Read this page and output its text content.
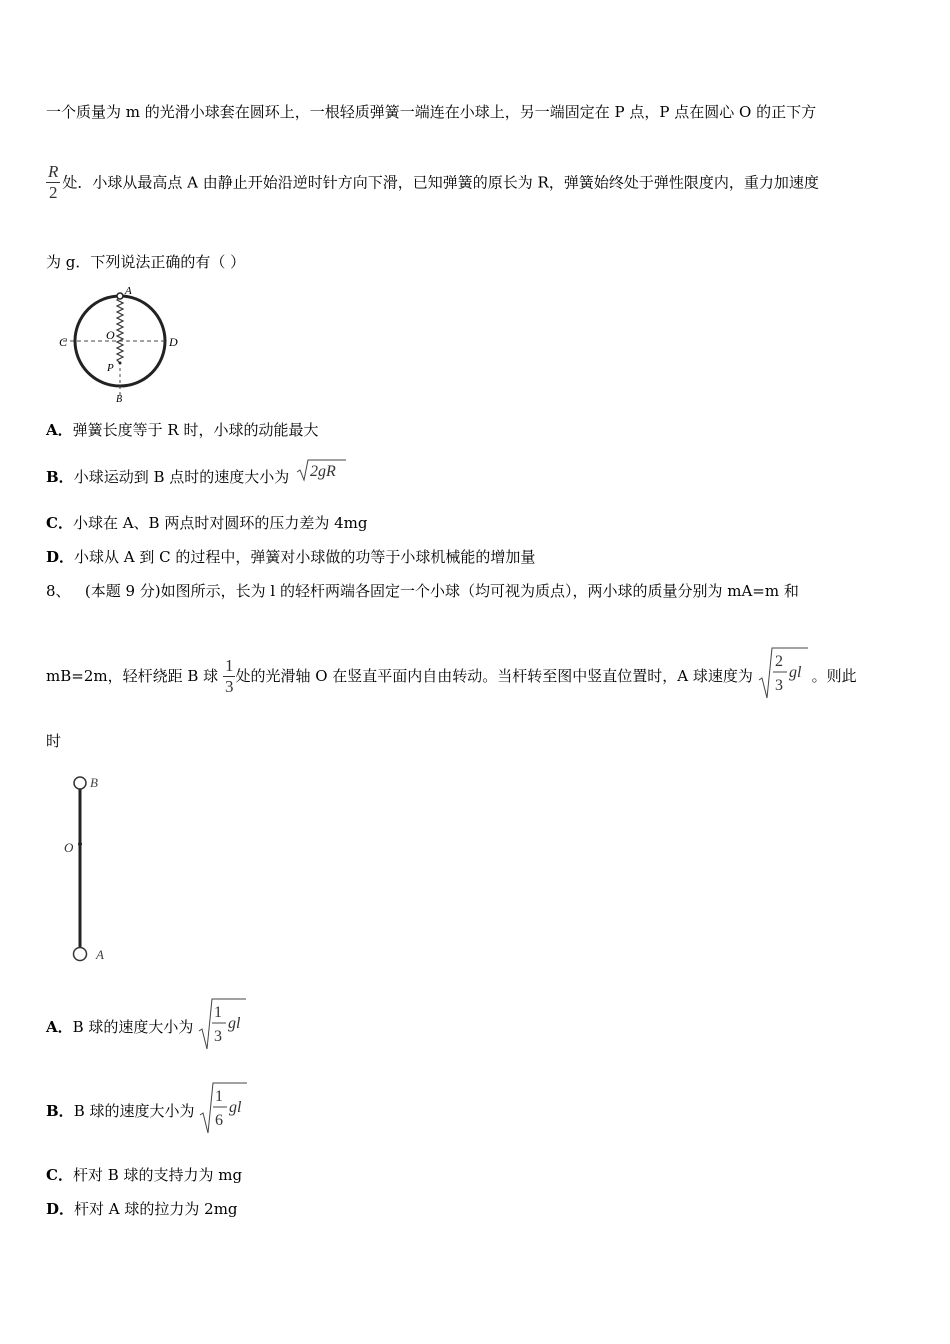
一个质量为 m 的光滑小球套在圆环上，一根轻质弹簧一端连在小球上，另一端固定在 P 点，P 点在圆心 O 的正下方
$\frac{R}{2}$ 处．小球从最高点 A 由静止开始沿逆时针方向下滑，已知弹簧的原长为 R，弹簧始终处于弹性限度内，重力加速度
为 g．下列说法正确的有（ ）
A
C	D
O
P
B
A．弹簧长度等于 R 时，小球的动能最大
B．小球运动到 B 点时的速度大小为 2gR
C．小球在 A、B 两点时对圆环的压力差为 4mg
D．小球从 A 到 C 的过程中，弹簧对小球做的功等于小球机械能的增加量
8、 (本题 9 分)如图所示，长为 l 的轻杆两端各固定一个小球（均可视为质点），两小球的质量分别为 mA=m 和
mB=2m，轻杆绕距 B 球 $\frac{1}{3}$ 处的光滑轴 O 在竖直平面内自由转动。当杆转至图中竖直位置时，A 球速度为
2
3
gl 。则此
时
B
O
A
A．B 球的速度大小为
1
3
gl
B．B 球的速度大小为
1
6
gl
C．杆对 B 球的支持力为 mg
D．杆对 A 球的拉力为 2mg
